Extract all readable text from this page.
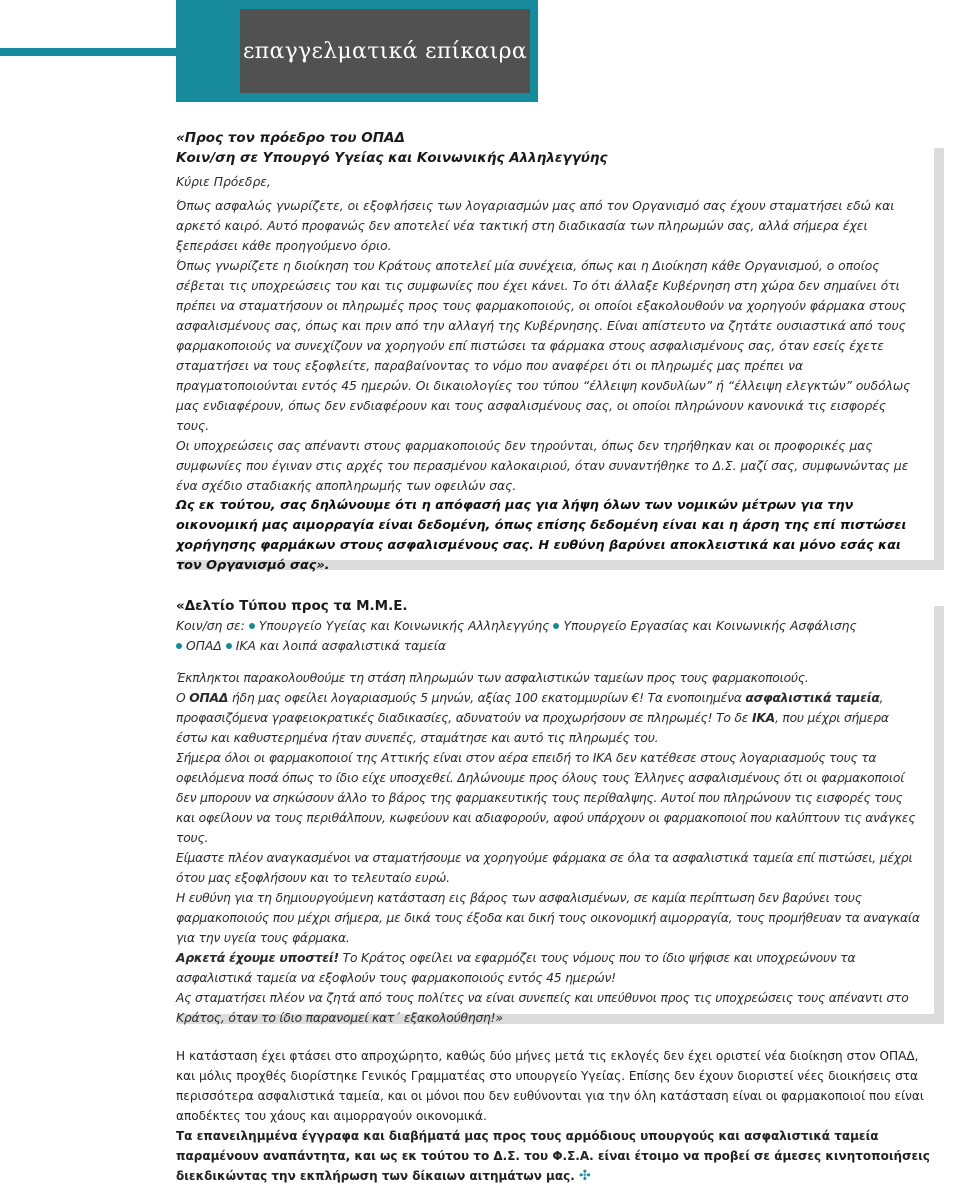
επαγγελματικά επίκαιρα

«Προς τον πρόεδρο του ΟΠΑΔ

Κοιν/ση σε Υπουργό Υγείας και Κοινωνικής Αλληλεγγύης

Κύριε Πρόεδρε,

Όπως ασφαλώς γνωρίζετε, οι εξοφλήσεις των λογαριασμών μας από τον Οργανισμό σας έχουν σταματήσει εδώ και αρκετό καιρό. Αυτό προφανώς δεν αποτελεί νέα τακτική στη διαδικασία των πληρωμών σας, αλλά σήμερα έχει ξεπεράσει κάθε προηγούμενο όριο.

Όπως γνωρίζετε η διοίκηση του Κράτους αποτελεί μία συνέχεια, όπως και η Διοίκηση κάθε Οργανισμού, ο οποίος σέβεται τις υποχρεώσεις του και τις συμφωνίες που έχει κάνει. Το ότι άλλαξε Κυβέρνηση στη χώρα δεν σημαίνει ότι πρέπει να σταματήσουν οι πληρωμές προς τους φαρμακοποιούς, οι οποίοι εξακολουθούν να χορηγούν φάρμακα στους ασφαλισμένους σας, όπως και πριν από την αλλαγή της Κυβέρνησης. Είναι απίστευτο να ζητάτε ουσιαστικά από τους φαρμακοποιούς να συνεχίζουν να χορηγούν επί πιστώσει τα φάρμακα στους ασφαλισμένους σας, όταν εσείς έχετε σταματήσει να τους εξοφλείτε, παραβαίνοντας το νόμο που αναφέρει ότι οι πληρωμές μας πρέπει να πραγματοποιούνται εντός 45 ημερών. Οι δικαιολογίες του τύπου “έλλειψη κονδυλίων” ή “έλλειψη ελεγκτών” ουδόλως μας ενδιαφέρουν, όπως δεν ενδιαφέρουν και τους ασφαλισμένους σας, οι οποίοι πληρώνουν κανονικά τις εισφορές τους.

Οι υποχρεώσεις σας απέναντι στους φαρμακοποιούς δεν τηρούνται, όπως δεν τηρήθηκαν και οι προφορικές μας συμφωνίες που έγιναν στις αρχές του περασμένου καλοκαιριού, όταν συναντήθηκε το Δ.Σ. μαζί σας, συμφωνώντας με ένα σχέδιο σταδιακής αποπληρωμής των οφειλών σας.

Ως εκ τούτου, σας δηλώνουμε ότι η απόφασή μας για λήψη όλων των νομικών μέτρων για την οικονομική μας αιμορραγία είναι δεδομένη, όπως επίσης δεδομένη είναι και η άρση της επί πιστώσει χορήγησης φαρμάκων στους ασφαλισμένους σας. Η ευθύνη βαρύνει αποκλειστικά και μόνο εσάς και τον Οργανισμό σας».

«Δελτίο Τύπου προς τα Μ.Μ.Ε.

Κοιν/ση σε: Υπουργείο Υγείας και Κοινωνικής Αλληλεγγύης Υπουργείο Εργασίας και Κοινωνικής Ασφάλισης

ΟΠΑΔ ΙΚΑ και λοιπά ασφαλιστικά ταμεία

Έκπληκτοι παρακολουθούμε τη στάση πληρωμών των ασφαλιστικών ταμείων προς τους φαρμακοποιούς.

Ο ΟΠΑΔ ήδη μας οφείλει λογαριασμούς 5 μηνών, αξίας 100 εκατομμυρίων €! Τα ενοποιημένα ασφαλιστικά ταμεία, προφασιζόμενα γραφειοκρατικές διαδικασίες, αδυνατούν να προχωρήσουν σε πληρωμές! Το δε ΙΚΑ, που μέχρι σήμερα έστω και καθυστερημένα ήταν συνεπές, σταμάτησε και αυτό τις πληρωμές του.

Σήμερα όλοι οι φαρμακοποιοί της Αττικής είναι στον αέρα επειδή το ΙΚΑ δεν κατέθεσε στους λογαριασμούς τους τα οφειλόμενα ποσά όπως το ίδιο είχε υποσχεθεί. Δηλώνουμε προς όλους τους Έλληνες ασφαλισμένους ότι οι φαρμακοποιοί δεν μπορουν να σηκώσουν άλλο το βάρος της φαρμακευτικής τους περίθαλψης. Αυτοί που πληρώνουν τις εισφορές τους και οφείλουν να τους περιθάλπουν, κωφεύουν και αδιαφορούν, αφού υπάρχουν οι φαρμακοποιοί που καλύπτουν τις ανάγκες τους.

Είμαστε πλέον αναγκασμένοι να σταματήσουμε να χορηγούμε φάρμακα σε όλα τα ασφαλιστικά ταμεία επί πιστώσει, μέχρι ότου μας εξοφλήσουν και το τελευταίο ευρώ.

Η ευθύνη για τη δημιουργούμενη κατάσταση εις βάρος των ασφαλισμένων, σε καμία περίπτωση δεν βαρύνει τους φαρμακοποιούς που μέχρι σήμερα, με δικά τους έξοδα και δική τους οικονομική αιμορραγία, τους προμήθευαν τα αναγκαία για την υγεία τους φάρμακα.

Αρκετά έχουμε υποστεί! Το Κράτος οφείλει να εφαρμόζει τους νόμους που το ίδιο ψήφισε και υποχρεώνουν τα ασφαλιστικά ταμεία να εξοφλούν τους φαρμακοποιούς εντός 45 ημερών!

Ας σταματήσει πλέον να ζητά από τους πολίτες να είναι συνεπείς και υπεύθυνοι προς τις υποχρεώσεις τους απέναντι στο Κράτος, όταν το ίδιο παρανομεί κατ΄ εξακολούθηση!»

Η κατάσταση έχει φτάσει στο απροχώρητο, καθώς δύο μήνες μετά τις εκλογές δεν έχει οριστεί νέα διοίκηση στον ΟΠΑΔ, και μόλις προχθές διορίστηκε Γενικός Γραμματέας στο υπουργείο Υγείας. Επίσης δεν έχουν διοριστεί νέες διοικήσεις στα περισσότερα ασφαλιστικά ταμεία, και οι μόνοι που δεν ευθύνονται για την όλη κατάσταση είναι οι φαρμακοποιοί που είναι αποδέκτες του χάους και αιμορραγούν οικονομικά.

Τα επανειλημμένα έγγραφα και διαβήματά μας προς τους αρμόδιους υπουργούς και ασφαλιστικά ταμεία παραμένουν αναπάντητα, και ως εκ τούτου το Δ.Σ. του Φ.Σ.Α. είναι έτοιμο να προβεί σε άμεσες κινητοποιήσεις διεκδικώντας την εκπλήρωση των δίκαιων αιτημάτων μας. ✣
